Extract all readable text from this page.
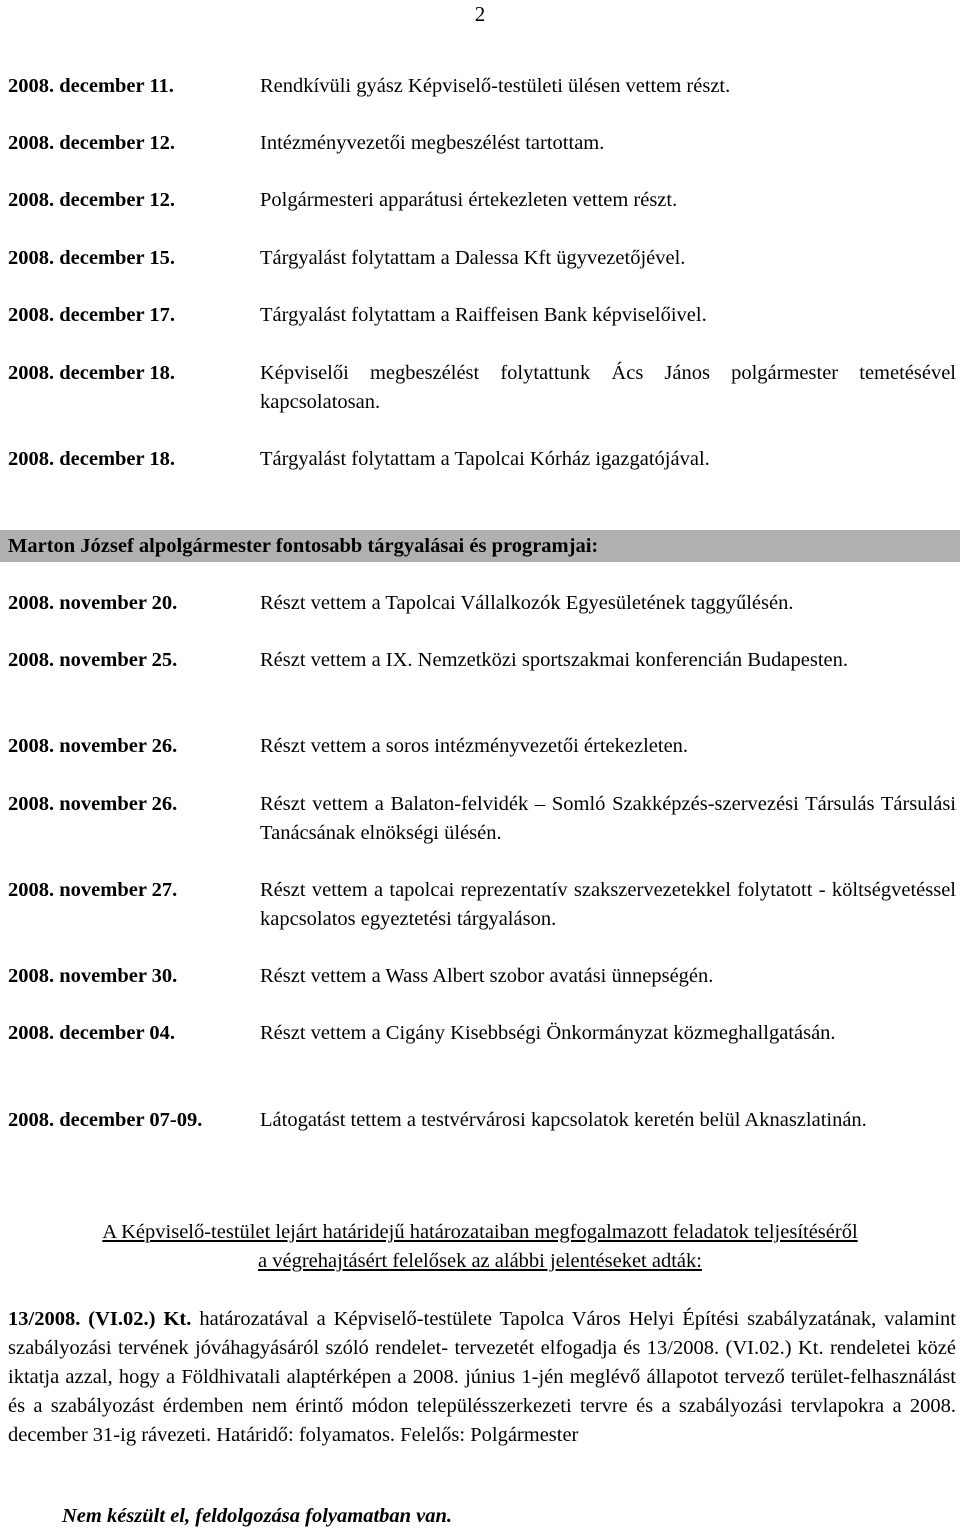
2
2008. december 11.	Rendkívüli gyász Képviselő-testületi ülésen vettem részt.
2008. december 12.	Intézményvezetői megbeszélést tartottam.
2008. december 12.	Polgármesteri apparátusi értekezleten vettem részt.
2008. december 15.	Tárgyalást folytattam a Dalessa Kft ügyvezetőjével.
2008. december 17.	Tárgyalást folytattam a Raiffeisen Bank képviselőivel.
2008. december 18.	Képviselői megbeszélést folytattunk Ács János polgármester temetésével kapcsolatosan.
2008. december 18.	Tárgyalást folytattam a Tapolcai Kórház igazgatójával.
Marton József alpolgármester fontosabb tárgyalásai és programjai:
2008. november 20.	Részt vettem a Tapolcai Vállalkozók Egyesületének taggyűlésén.
2008. november 25.	Részt vettem a IX. Nemzetközi sportszakmai konferencián Budapesten.
2008. november 26.	Részt vettem a soros intézményvezetői értekezleten.
2008. november 26.	Részt vettem a Balaton-felvidék – Somló Szakképzés-szervezési Társulás Társulási Tanácsának elnökségi ülésén.
2008. november 27.	Részt vettem a tapolcai reprezentatív szakszervezetekkel folytatott - költségvetéssel kapcsolatos egyeztetési tárgyaláson.
2008. november 30.	Részt vettem a Wass Albert szobor avatási ünnepségén.
2008. december 04.	Részt vettem a Cigány Kisebbségi Önkormányzat közmeghallgatásán.
2008. december 07-09.	Látogatást tettem a testvérvárosi kapcsolatok keretén belül Aknaszlatinán.
A Képviselő-testület lejárt határidejű határozataiban megfogalmazott feladatok teljesítéséről
a végrehajtásért felelősek az alábbi jelentéseket adták:
13/2008. (VI.02.) Kt. határozatával a Képviselő-testülete Tapolca Város Helyi Építési szabályzatának, valamint szabályozási tervének jóváhagyásáról szóló rendelet- tervezetét elfogadja és 13/2008. (VI.02.) Kt. rendeletei közé iktatja azzal, hogy a Földhivatali alaptérképen a 2008. június 1-jén meglévő állapotot tervező terület-felhasználást és a szabályozást érdemben nem érintő módon településszerkezeti tervre és a szabályozási tervlapokra a 2008. december 31-ig rávezeti. Határidő: folyamatos. Felelős: Polgármester
Nem készült el, feldolgozása folyamatban van.
